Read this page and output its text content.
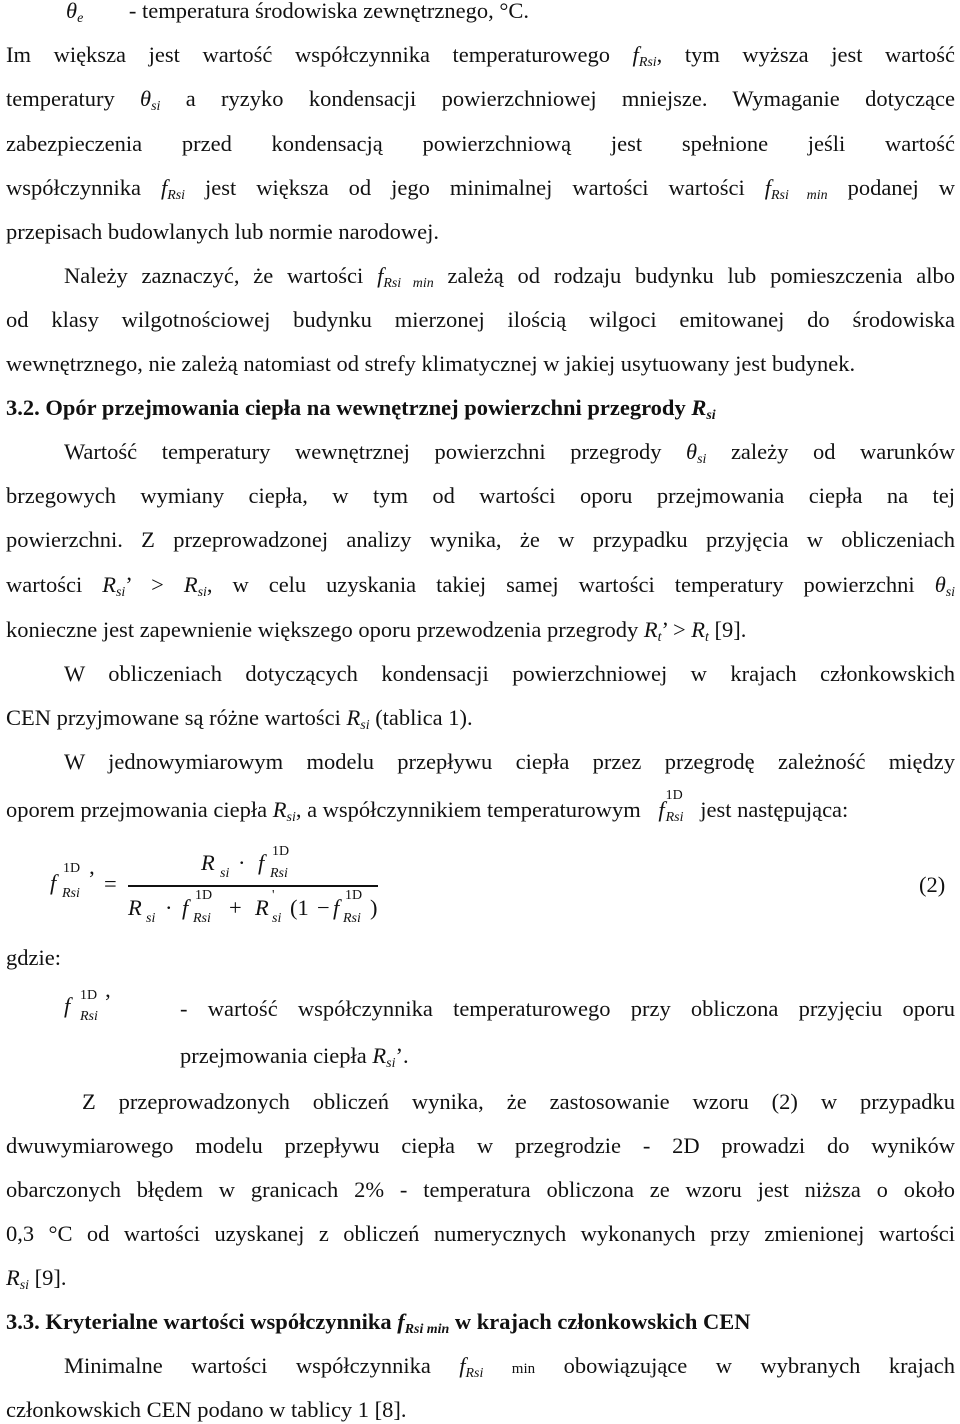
$\theta_e$ - temperatura środowiska zewnętrznego, °C.
Im większa jest wartość współczynnika temperaturowego $f_{Rsi}$, tym wyższa jest wartość
temperatury $\theta_{si}$ a ryzyko kondensacji powierzchniowej mniejsze. Wymaganie dotyczące
zabezpieczenia przed kondensacją powierzchniową jest spełnione jeśli wartość
współczynnika $f_{Rsi}$ jest większa od jego minimalnej wartości wartości $f_{Rsi min}$ podanej w
przepisach budowlanych lub normie narodowej.
Należy zaznaczyć, że wartości $f_{Rsi min}$ zależą od rodzaju budynku lub pomieszczenia albo
od klasy wilgotnościowej budynku mierzonej ilością wilgoci emitowanej do środowiska
wewnętrznego, nie zależą natomiast od strefy klimatycznej w jakiej usytuowany jest budynek.
3.2. Opór przejmowania ciepła na wewnętrznej powierzchni przegrody $R_{si}$
Wartość temperatury wewnętrznej powierzchni przegrody $\theta_{si}$ zależy od warunków
brzegowych wymiany ciepła, w tym od wartości oporu przejmowania ciepła na tej
powierzchni. Z przeprowadzonej analizy wynika, że w przypadku przyjęcia w obliczeniach
wartości $R_{si}$’ > $R_{si}$, w celu uzyskania takiej samej wartości temperatury powierzchni $\theta_{si}$
konieczne jest zapewnienie większego oporu przewodzenia przegrody $R_t$’ > $R_t$ [9].
W obliczeniach dotyczących kondensacji powierzchniowej w krajach członkowskich
CEN przyjmowane są różne wartości $R_{si}$ (tablica 1).
W jednowymiarowym modelu przepływu ciepła przez przegrodę zależność między
oporem przejmowania ciepła $R_{si}$, a współczynnikiem temperaturowym f
1D
Rsi jest następująca:
f
1D ’
Rsi =
R si · f 1D
Rsi
R si · f 1D
Rsi + R '
si (1 − f 1D
Rsi )
(2)
gdzie:
f 1D ’
Rsi	- wartość współczynnika temperaturowego przy obliczona przyjęciu oporu
przejmowania ciepła $R_{si}$’.
Z przeprowadzonych obliczeń wynika, że zastosowanie wzoru (2) w przypadku
dwuwymiarowego modelu przepływu ciepła w przegrodzie - 2D prowadzi do wyników
obarczonych błędem w granicach 2% - temperatura obliczona ze wzoru jest niższa o około
0,3 °C od wartości uzyskanej z obliczeń numerycznych wykonanych przy zmienionej wartości
$R_{si}$ [9].
3.3. Kryterialne wartości współczynnika $f_{Rsi min}$ w krajach członkowskich CEN
Minimalne wartości współczynnika $f_{Rsi}$ min obowiązujące w wybranych krajach
członkowskich CEN podano w tablicy 1 [8].
